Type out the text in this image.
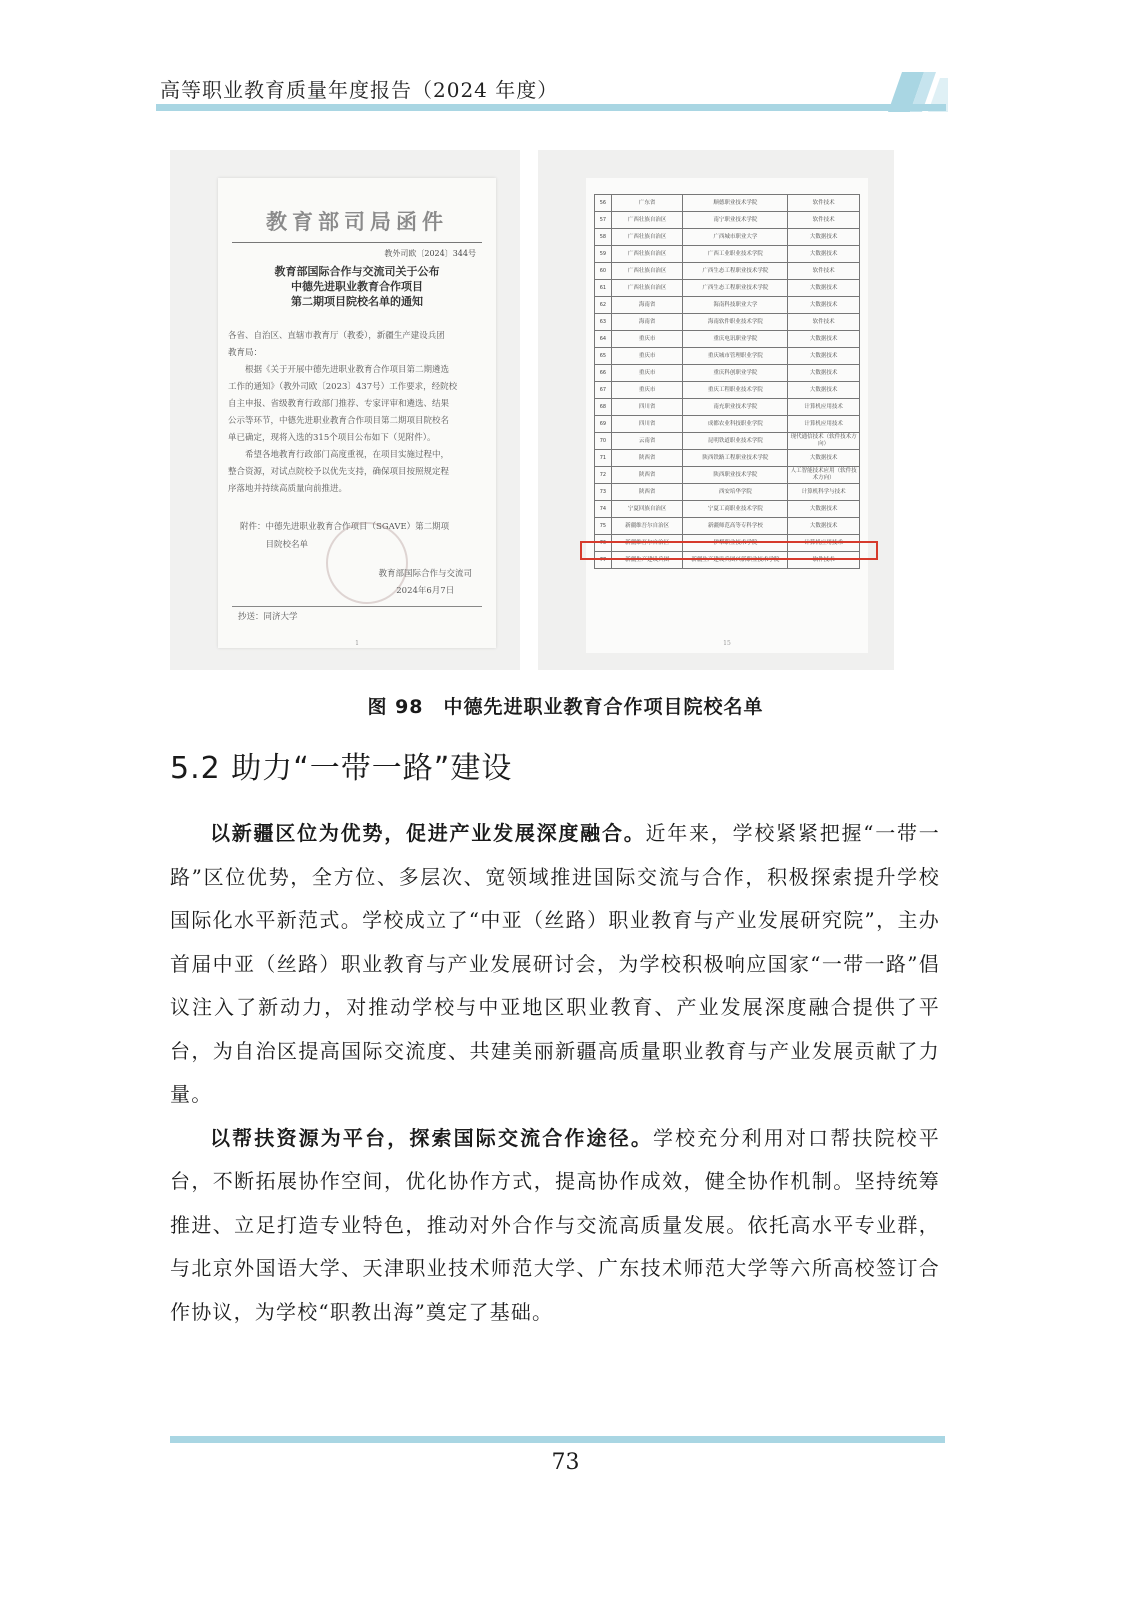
高等职业教育质量年度报告（2024 年度）
教育部司局函件
教外司欧〔2024〕344号
教育部国际合作与交流司关于公布
中德先进职业教育合作项目
第二期项目院校名单的通知

各省、自治区、直辖市教育厅（教委），新疆生产建设兵团

教育局：

　　根据《关于开展中德先进职业教育合作项目第二期遴选

工作的通知》（教外司欧〔2023〕437号）工作要求，经院校

自主申报、省级教育行政部门推荐、专家评审和遴选、结果

公示等环节，中德先进职业教育合作项目第二期项目院校名

单已确定，现将入选的315个项目公布如下（见附件）。

　　希望各地教育行政部门高度重视，在项目实施过程中，

整合资源，对试点院校予以优先支持，确保项目按照规定程

序落地并持续高质量向前推进。

附件：中德先进职业教育合作项目（SGAVE）第二期项
　　　目院校名单
教育部国际合作与交流司
2024年6月7日
抄送：同济大学
1
56	广东省	顺德职业技术学院	软件技术
57	广西壮族自治区	南宁职业技术学院	软件技术
58	广西壮族自治区	广西城市职业大学	大数据技术
59	广西壮族自治区	广西工业职业技术学院	大数据技术
60	广西壮族自治区	广西生态工程职业技术学院	软件技术
61	广西壮族自治区	广西生态工程职业技术学院	大数据技术
62	海南省	海南科技职业大学	大数据技术
63	海南省	海南软件职业技术学院	软件技术
64	重庆市	重庆电讯职业学院	大数据技术
65	重庆市	重庆城市管理职业学院	大数据技术
66	重庆市	重庆科创职业学院	大数据技术
67	重庆市	重庆工程职业技术学院	大数据技术
68	四川省	南充职业技术学院	计算机应用技术
69	四川省	成都农业科技职业学院	计算机应用技术
70	云南省	昆明铁道职业技术学院	现代通信技术（软件技术方向）
71	陕西省	陕西铁路工程职业技术学院	大数据技术
72	陕西省	陕西职业技术学院	人工智能技术应用（软件技术方向）
73	陕西省	西安培华学院	计算机科学与技术
74	宁夏回族自治区	宁夏工商职业技术学院	大数据技术
75	新疆维吾尔自治区	新疆师范高等专科学校	大数据技术
76	新疆维吾尔自治区	伊犁职业技术学院	计算机应用技术
77	新疆生产建设兵团	新疆生产建设兵团兴新职业技术学院	软件技术
15
图 98　中德先进职业教育合作项目院校名单
5.2 助力“一带一路”建设

以新疆区位为优势，促进产业发展深度融合。近年来，学校紧紧把握“一带一路”区位优势，全方位、多层次、宽领域推进国际交流与合作，积极探索提升学校国际化水平新范式。学校成立了“中亚（丝路）职业教育与产业发展研究院”，主办首届中亚（丝路）职业教育与产业发展研讨会，为学校积极响应国家“一带一路”倡议注入了新动力，对推动学校与中亚地区职业教育、产业发展深度融合提供了平台，为自治区提高国际交流度、共建美丽新疆高质量职业教育与产业发展贡献了力量。

以帮扶资源为平台，探索国际交流合作途径。学校充分利用对口帮扶院校平台，不断拓展协作空间，优化协作方式，提高协作成效，健全协作机制。坚持统筹推进、立足打造专业特色，推动对外合作与交流高质量发展。依托高水平专业群，与北京外国语大学、天津职业技术师范大学、广东技术师范大学等六所高校签订合作协议，为学校“职教出海”奠定了基础。

73
